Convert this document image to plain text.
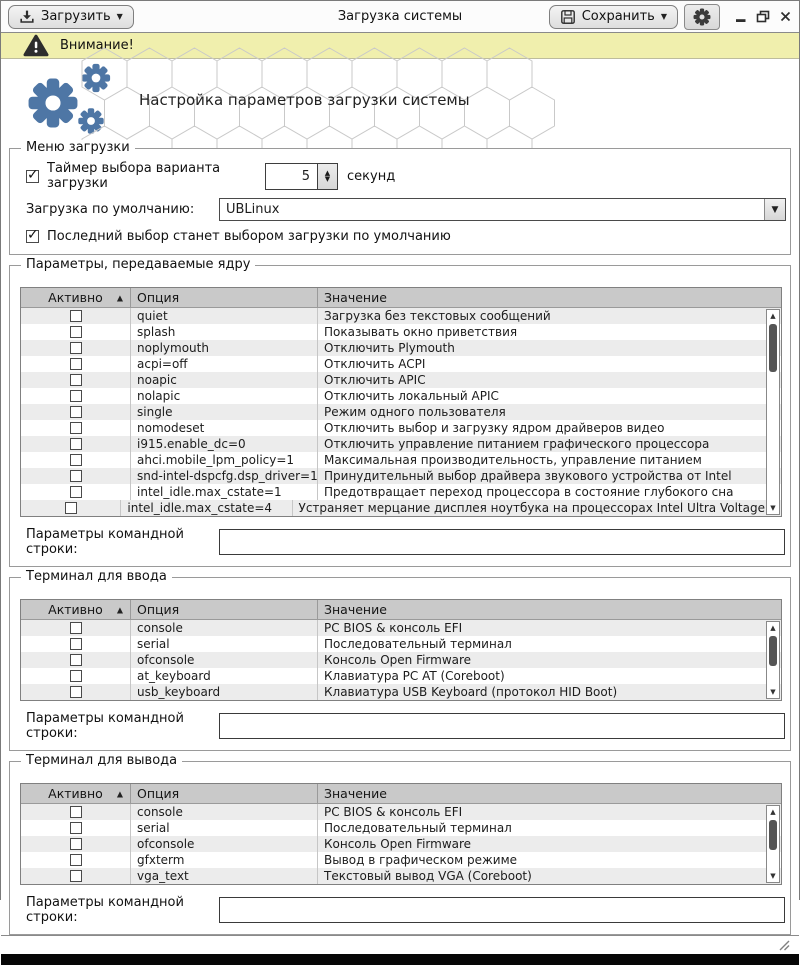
Загрузить ▼	Загрузка системы	Сохранить ▼
Внимание!
Настройка параметров загрузки системы
Меню загрузки
✓
Таймер выбора варианта загрузки	5	▲
▼ секунд
Загрузка по умолчанию:	UBLinux	▼
✓
Последний выбор станет выбором загрузки по умолчанию
Параметры, передаваемые ядру
Активно ▲	Опция	Значение
quiet	Загрузка без текстовых сообщений
splash	Показывать окно приветствия
noplymouth	Отключить Plymouth
acpi=off	Отключить ACPI
noapic	Отключить APIC
nolapic	Отключить локальный APIC
single	Режим одного пользователя
nomodeset	Отключить выбор и загрузку ядром драйверов видео
i915.enable_dc=0	Отключить управление питанием графического процессора
ahci.mobile_lpm_policy=1	Максимальная производительность, управление питанием
snd-intel-dspcfg.dsp_driver=1 Принудительный выбор драйвера звукового устройства от Intel
intel_idle.max_cstate=1	Предотвращает переход процессора в состояние глубокого сна
intel_idle.max_cstate=4	Устраняет мерцание дисплея ноутбука на процессорах Intel Ultra Voltage
▲
▼
Параметры командной строки:
Терминал для ввода
Активно ▲	Опция	Значение
console	PC BIOS & консоль EFI
serial	Последовательный терминал
ofconsole	Консоль Open Firmware
at_keyboard	Клавиатура PC AT (Coreboot)
usb_keyboard	Клавиатура USB Keyboard (протокол HID Boot)
▲
▼
Параметры командной строки:
Терминал для вывода
Активно ▲	Опция	Значение
console	PC BIOS & консоль EFI
serial	Последовательный терминал
ofconsole	Консоль Open Firmware
gfxterm	Вывод в графическом режиме
vga_text	Текстовый вывод VGA (Coreboot)
▲
▼
Параметры командной строки:
